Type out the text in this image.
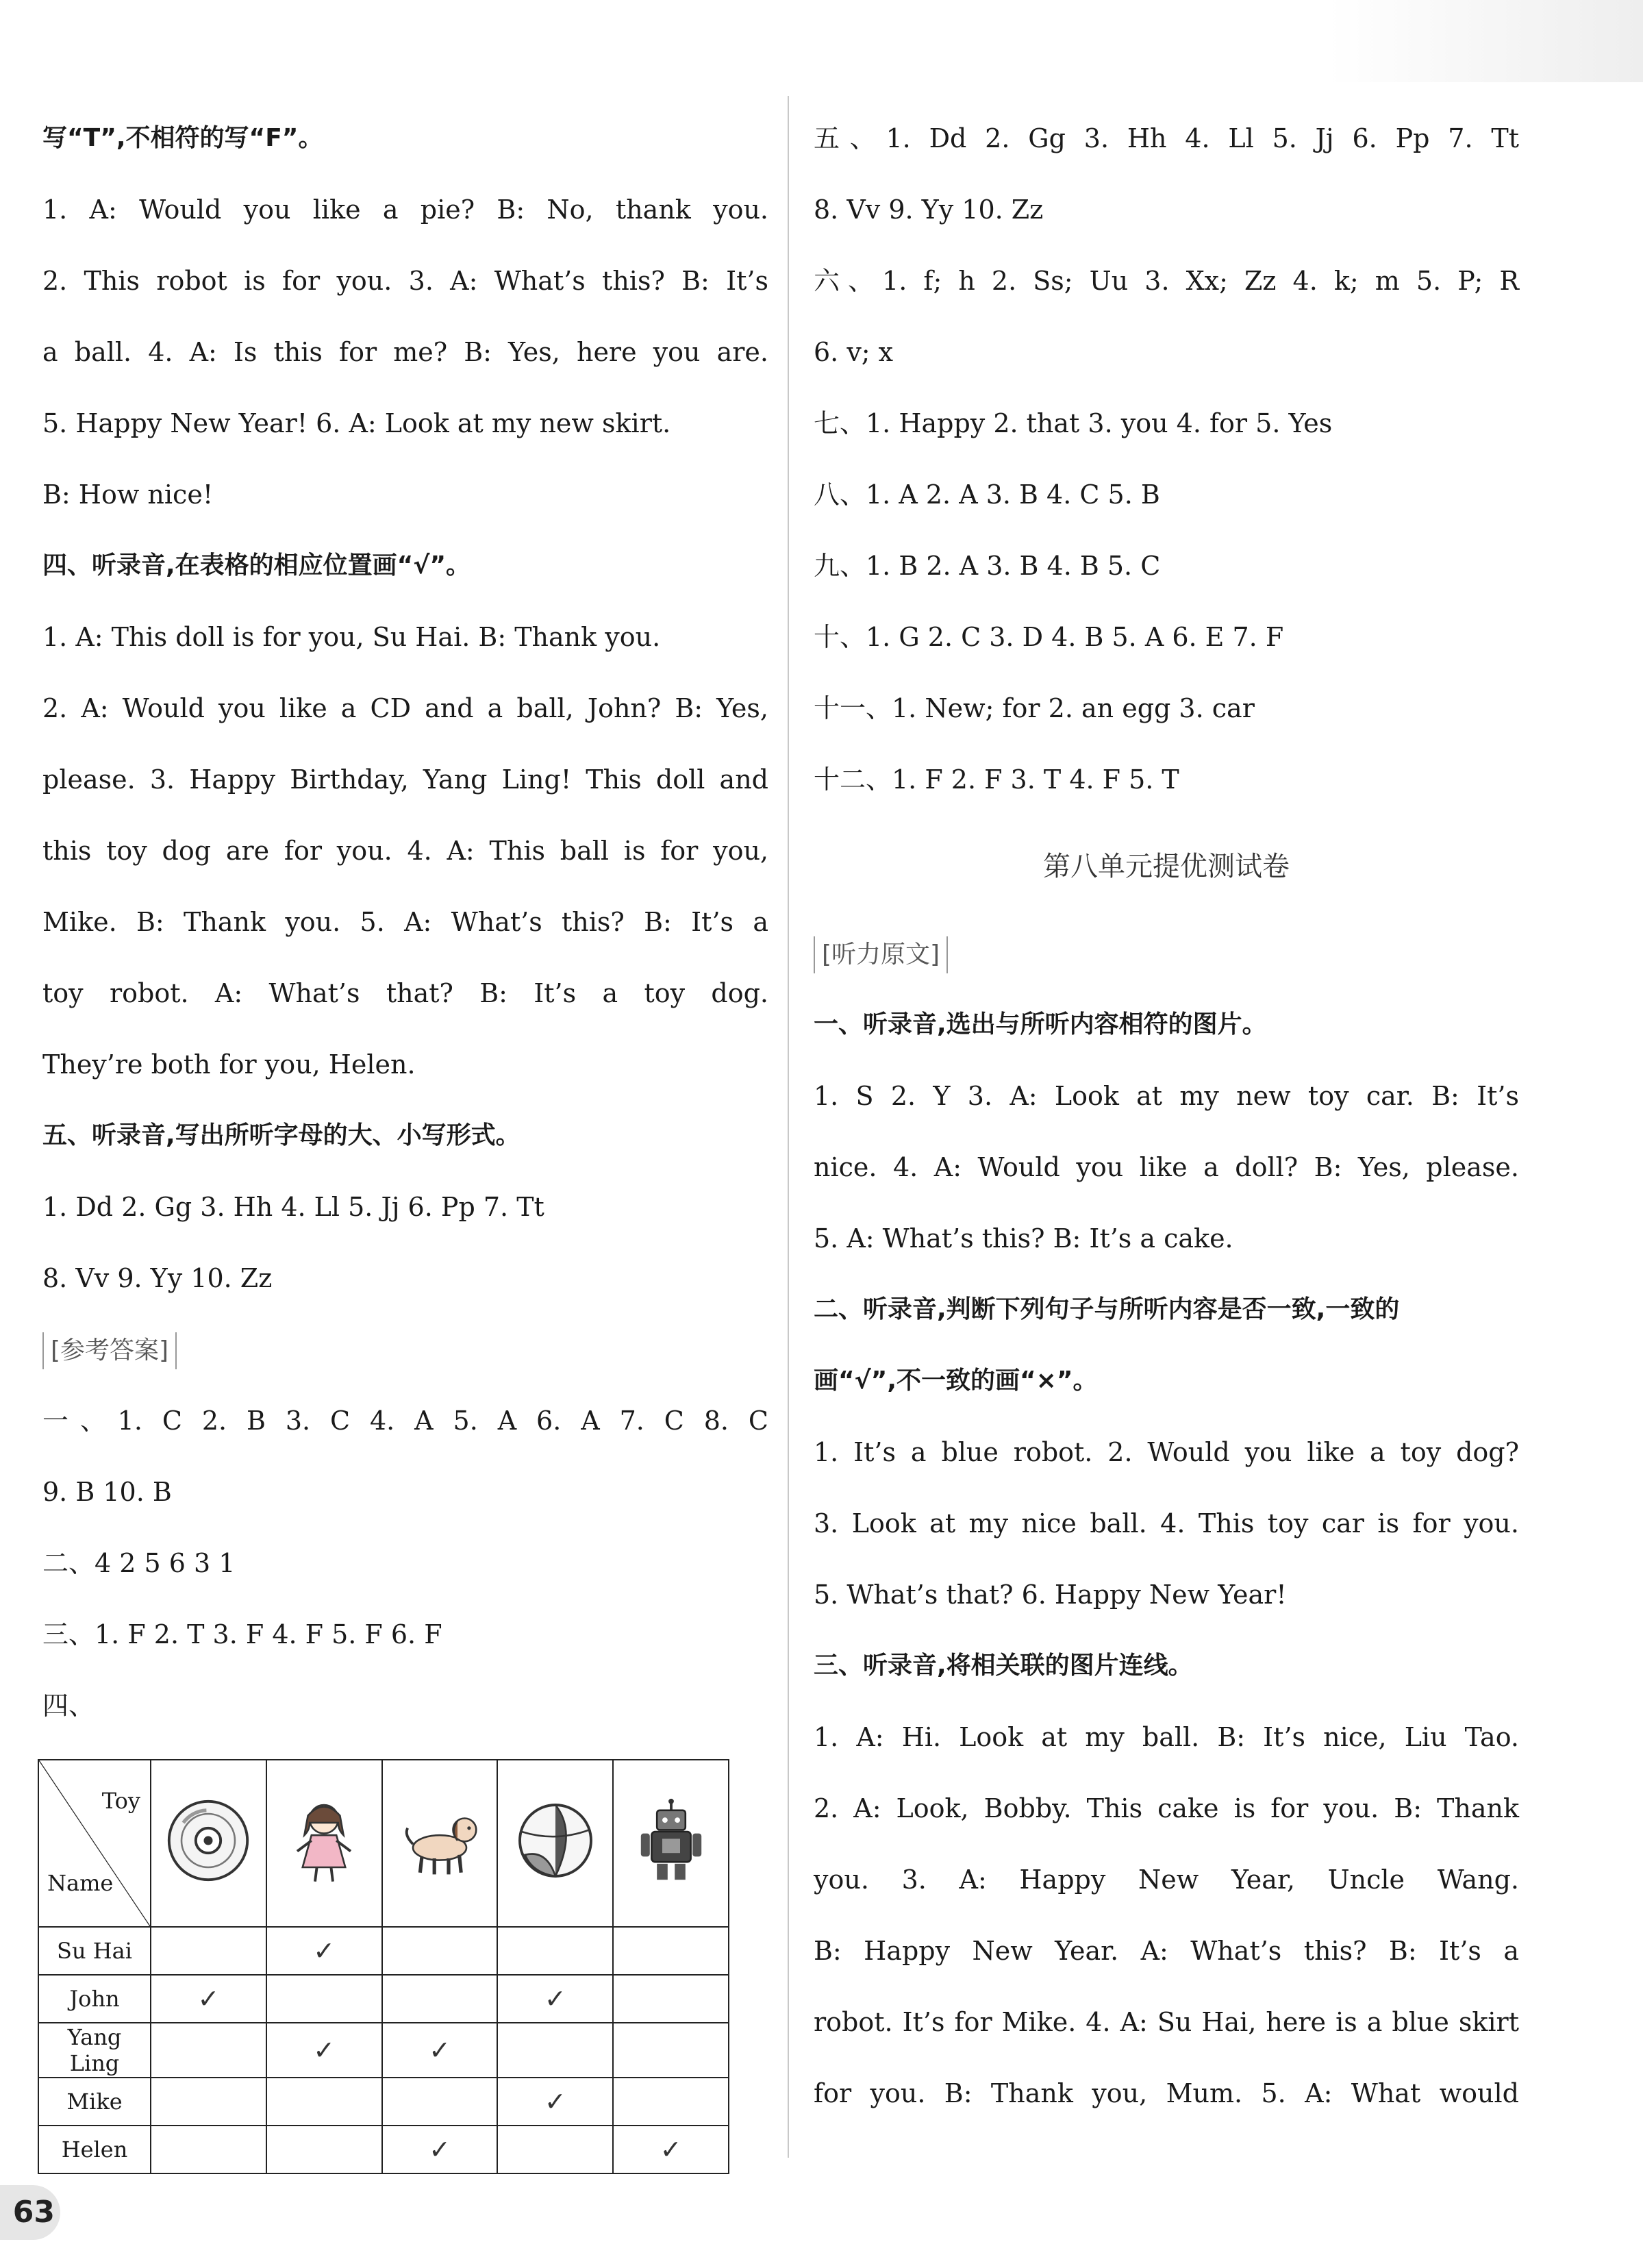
写“T”,不相符的写“F”。
1. A: Would you like a pie? B: No, thank you.
2. This robot is for you. 3. A: What’s this? B: It’s
a ball. 4. A: Is this for me? B: Yes, here you are.
5. Happy New Year! 6. A: Look at my new skirt.
B: How nice!
四、听录音,在表格的相应位置画“√”。
1. A: This doll is for you, Su Hai. B: Thank you.
2. A: Would you like a CD and a ball, John? B: Yes,
please. 3. Happy Birthday, Yang Ling! This doll and
this toy dog are for you. 4. A: This ball is for you,
Mike. B: Thank you. 5. A: What’s this? B: It’s a
toy robot. A: What’s that? B: It’s a toy dog.
They’re both for you, Helen.
五、听录音,写出所听字母的大、小写形式。
1. Dd 2. Gg 3. Hh 4. Ll 5. Jj 6. Pp 7. Tt
8. Vv 9. Yy 10. Zz
[参考答案]
一、1. C 2. B 3. C 4. A 5. A 6. A 7. C 8. C
9. B 10. B
二、4 2 5 6 3 1
三、1. F 2. T 3. F 4. F 5. F 6. F
四、
五、1. Dd 2. Gg 3. Hh 4. Ll 5. Jj 6. Pp 7. Tt
8. Vv 9. Yy 10. Zz
六、1. f; h 2. Ss; Uu 3. Xx; Zz 4. k; m 5. P; R
6. v; x
七、1. Happy 2. that 3. you 4. for 5. Yes
八、1. A 2. A 3. B 4. C 5. B
九、1. B 2. A 3. B 4. B 5. C
十、1. G 2. C 3. D 4. B 5. A 6. E 7. F
十一、1. New; for 2. an egg 3. car
十二、1. F 2. F 3. T 4. F 5. T
第八单元提优测试卷
[听力原文]
一、听录音,选出与所听内容相符的图片。
1. S 2. Y 3. A: Look at my new toy car. B: It’s
nice. 4. A: Would you like a doll? B: Yes, please.
5. A: What’s this? B: It’s a cake.
二、听录音,判断下列句子与所听内容是否一致,一致的
画“√”,不一致的画“×”。
1. It’s a blue robot. 2. Would you like a toy dog?
3. Look at my nice ball. 4. This toy car is for you.
5. What’s that? 6. Happy New Year!
三、听录音,将相关联的图片连线。
1. A: Hi. Look at my ball. B: It’s nice, Liu Tao.
2. A: Look, Bobby. This cake is for you. B: Thank
you. 3. A: Happy New Year, Uncle Wang.
B: Happy New Year. A: What’s this? B: It’s a
robot. It’s for Mike. 4. A: Su Hai, here is a blue skirt
for you. B: Thank you, Mum. 5. A: What would
Toy
Name

Su Hai		✓			
John	✓			✓	
Yang Ling		✓	✓		
Mike				✓	
Helen			✓		✓
63
